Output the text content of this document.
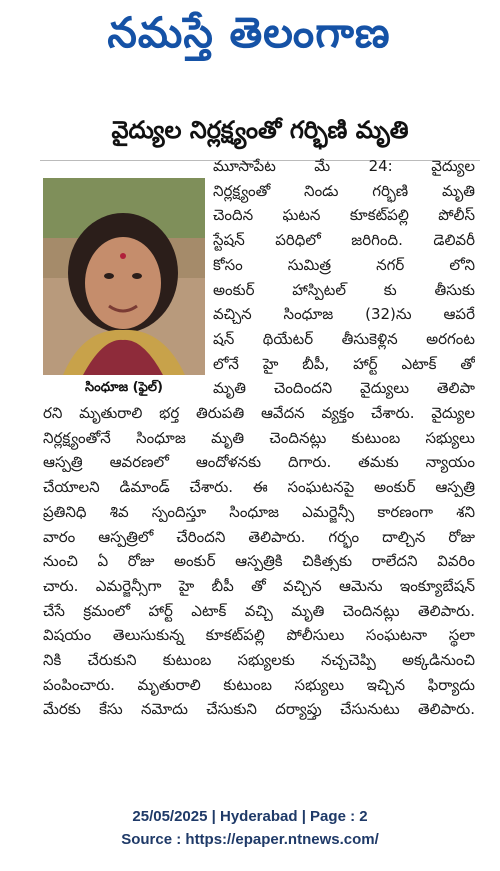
నమస్తే తెలంగాణ
వైద్యుల నిర్లక్ష్యంతో గర్భిణి మృతి
సింధూజ (ఫైల్)
మూసాపేట మే 24: వైద్యుల
నిర్లక్ష్యంతో నిండు గర్భిణి మృతి
చెందిన ఘటన కూకట్‌పల్లి పోలీస్
స్టేషన్ పరిధిలో జరిగింది. డెలివరీ
కోసం సుమిత్ర నగర్ లోని
అంకుర్ హాస్పిటల్ కు తీసుకు
వచ్చిన సింధూజ (32)ను ఆపరే
షన్ థియేటర్ తీసుకెళ్లిన అరగంట
లోనే హై బీపీ, హార్ట్ ఎటాక్ తో
మృతి చెందిందని వైద్యులు తెలిపా
రని మృతురాలి భర్త తిరుపతి ఆవేదన వ్యక్తం చేశారు. వైద్యుల
నిర్లక్ష్యంతోనే సింధూజ మృతి చెందినట్లు కుటుంబ సభ్యులు
ఆస్పత్రి ఆవరణలో ఆందోళనకు దిగారు. తమకు న్యాయం
చేయాలని డిమాండ్ చేశారు. ఈ సంఘటనపై అంకుర్ ఆస్పత్రి
ప్రతినిధి శివ స్పందిస్తూ సింధూజ ఎమర్జెన్సీ కారణంగా శని
వారం ఆస్పత్రిలో చేరిందని తెలిపారు. గర్భం దాల్చిన రోజు
నుంచి ఏ రోజు అంకుర్ ఆస్పత్రికి చికిత్సకు రాలేదని వివరిం
చారు. ఎమర్జెన్సీగా హై బీపీ తో వచ్చిన ఆమెను ఇంక్యూబేషన్
చేసే క్రమంలో హార్ట్ ఎటాక్ వచ్చి మృతి చెందినట్లు తెలిపారు.
విషయం తెలుసుకున్న కూకట్‌పల్లి పోలీసులు సంఘటనా స్థలా
నికి చేరుకుని కుటుంబ సభ్యులకు నచ్చచెప్పి అక్కడినుంచి
పంపించారు. మృతురాలి కుటుంబ సభ్యులు ఇచ్చిన ఫిర్యాదు
మేరకు కేసు నమోదు చేసుకుని దర్యాప్తు చేసునుటు తెలిపారు.
25/05/2025 | Hyderabad | Page : 2
Source : https://epaper.ntnews.com/
